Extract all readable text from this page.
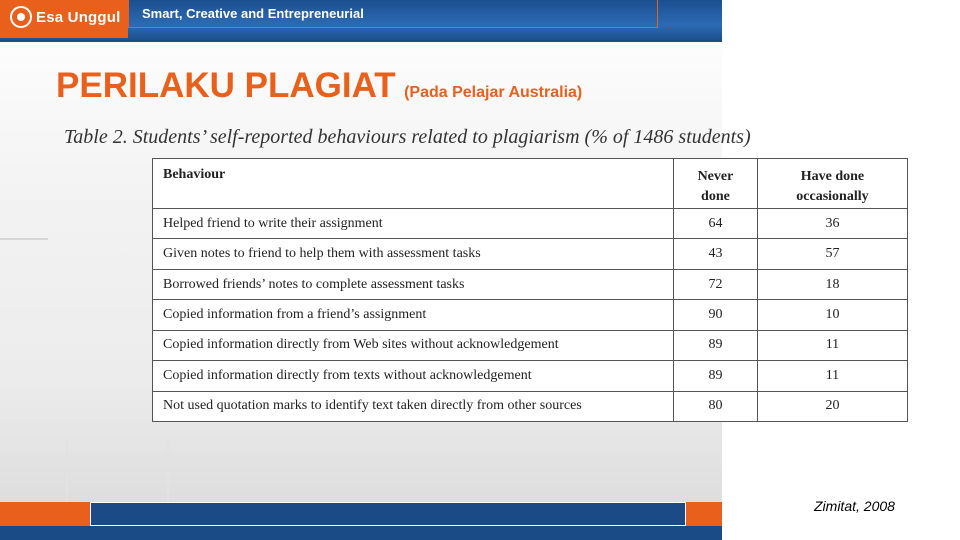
Esa Unggul Smart, Creative and Entrepreneurial
PERILAKU PLAGIAT (Pada Pelajar Australia)
Table 2. Students’ self-reported behaviours related to plagiarism (% of 1486 students)
Behaviour	Never done	Have done occasionally
Helped friend to write their assignment	64	36
Given notes to friend to help them with assessment tasks	43	57
Borrowed friends’ notes to complete assessment tasks	72	18
Copied information from a friend’s assignment	90	10
Copied information directly from Web sites without acknowledgement	89	11
Copied information directly from texts without acknowledgement	89	11
Not used quotation marks to identify text taken directly from other sources	80	20
Zimitat, 2008
